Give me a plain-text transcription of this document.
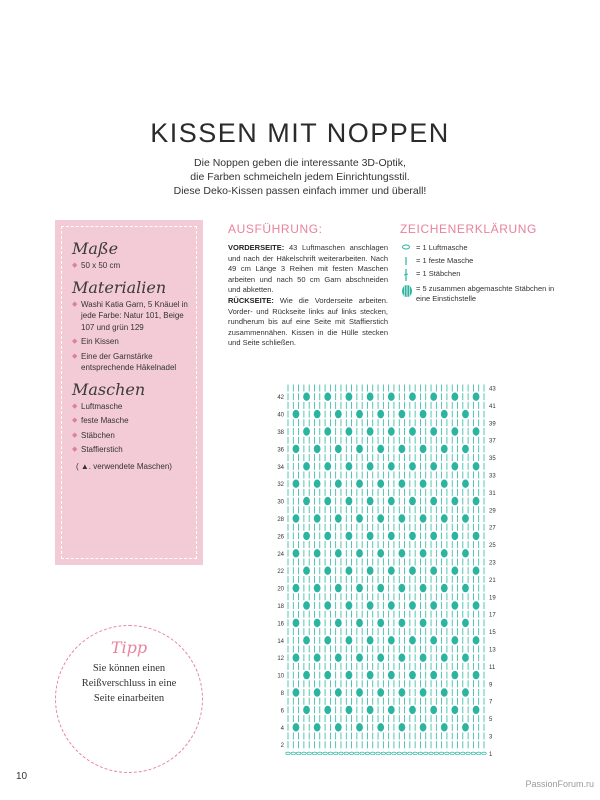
KISSEN MIT NOPPEN
Die Noppen geben die interessante 3D-Optik,
die Farben schmeicheln jedem Einrichtungsstil.
Diese Deko-Kissen passen einfach immer und überall!
Maße
◆ 50 x 50 cm
Materialien
◆ Washi Katia Garn, 5 Knäuel in jede Farbe: Natur 101, Beige 107 und grün 129
◆ Ein Kissen
◆ Eine der Garnstärke entsprechende Häkelnadel
Maschen
◆ Luftmasche
◆ feste Masche
◆ Stäbchen
◆ Staffierstich
( ▲. verwendete Maschen)
AUSFÜHRUNG:	ZEICHENERKLÄRUNG
VORDERSEITE: 43 Luftmaschen anschlagen und nach der Häkelschrift weiterarbeiten. Nach 49 cm Länge 3 Reihen mit festen Maschen arbeiten und nach 50 cm Garn abschneiden und abketten.
RÜCKSEITE: Wie die Vorderseite arbeiten. Vorder- und Rückseite links auf links stecken, rundherum bis auf eine Seite mit Staffierstich zusammennähen. Kissen in die Hülle stecken und Seite schließen.
= 1 Luftmasche
= 1 feste Masche
= 1 Stäbchen
= 5 zusammen abgemaschte Stäbchen in eine Einstichstelle
42
40
38
36
34
32
30
28
26
24
22
20
18
16
14
12
10
8
6
4
2
43
41
39
37
35
33
31
29
27
25
23
21
19
17
15
13
11
9
7
5
3
1
Tipp
Sie können einen
Reißverschluss in eine
Seite einarbeiten
10
PassionForum.ru
